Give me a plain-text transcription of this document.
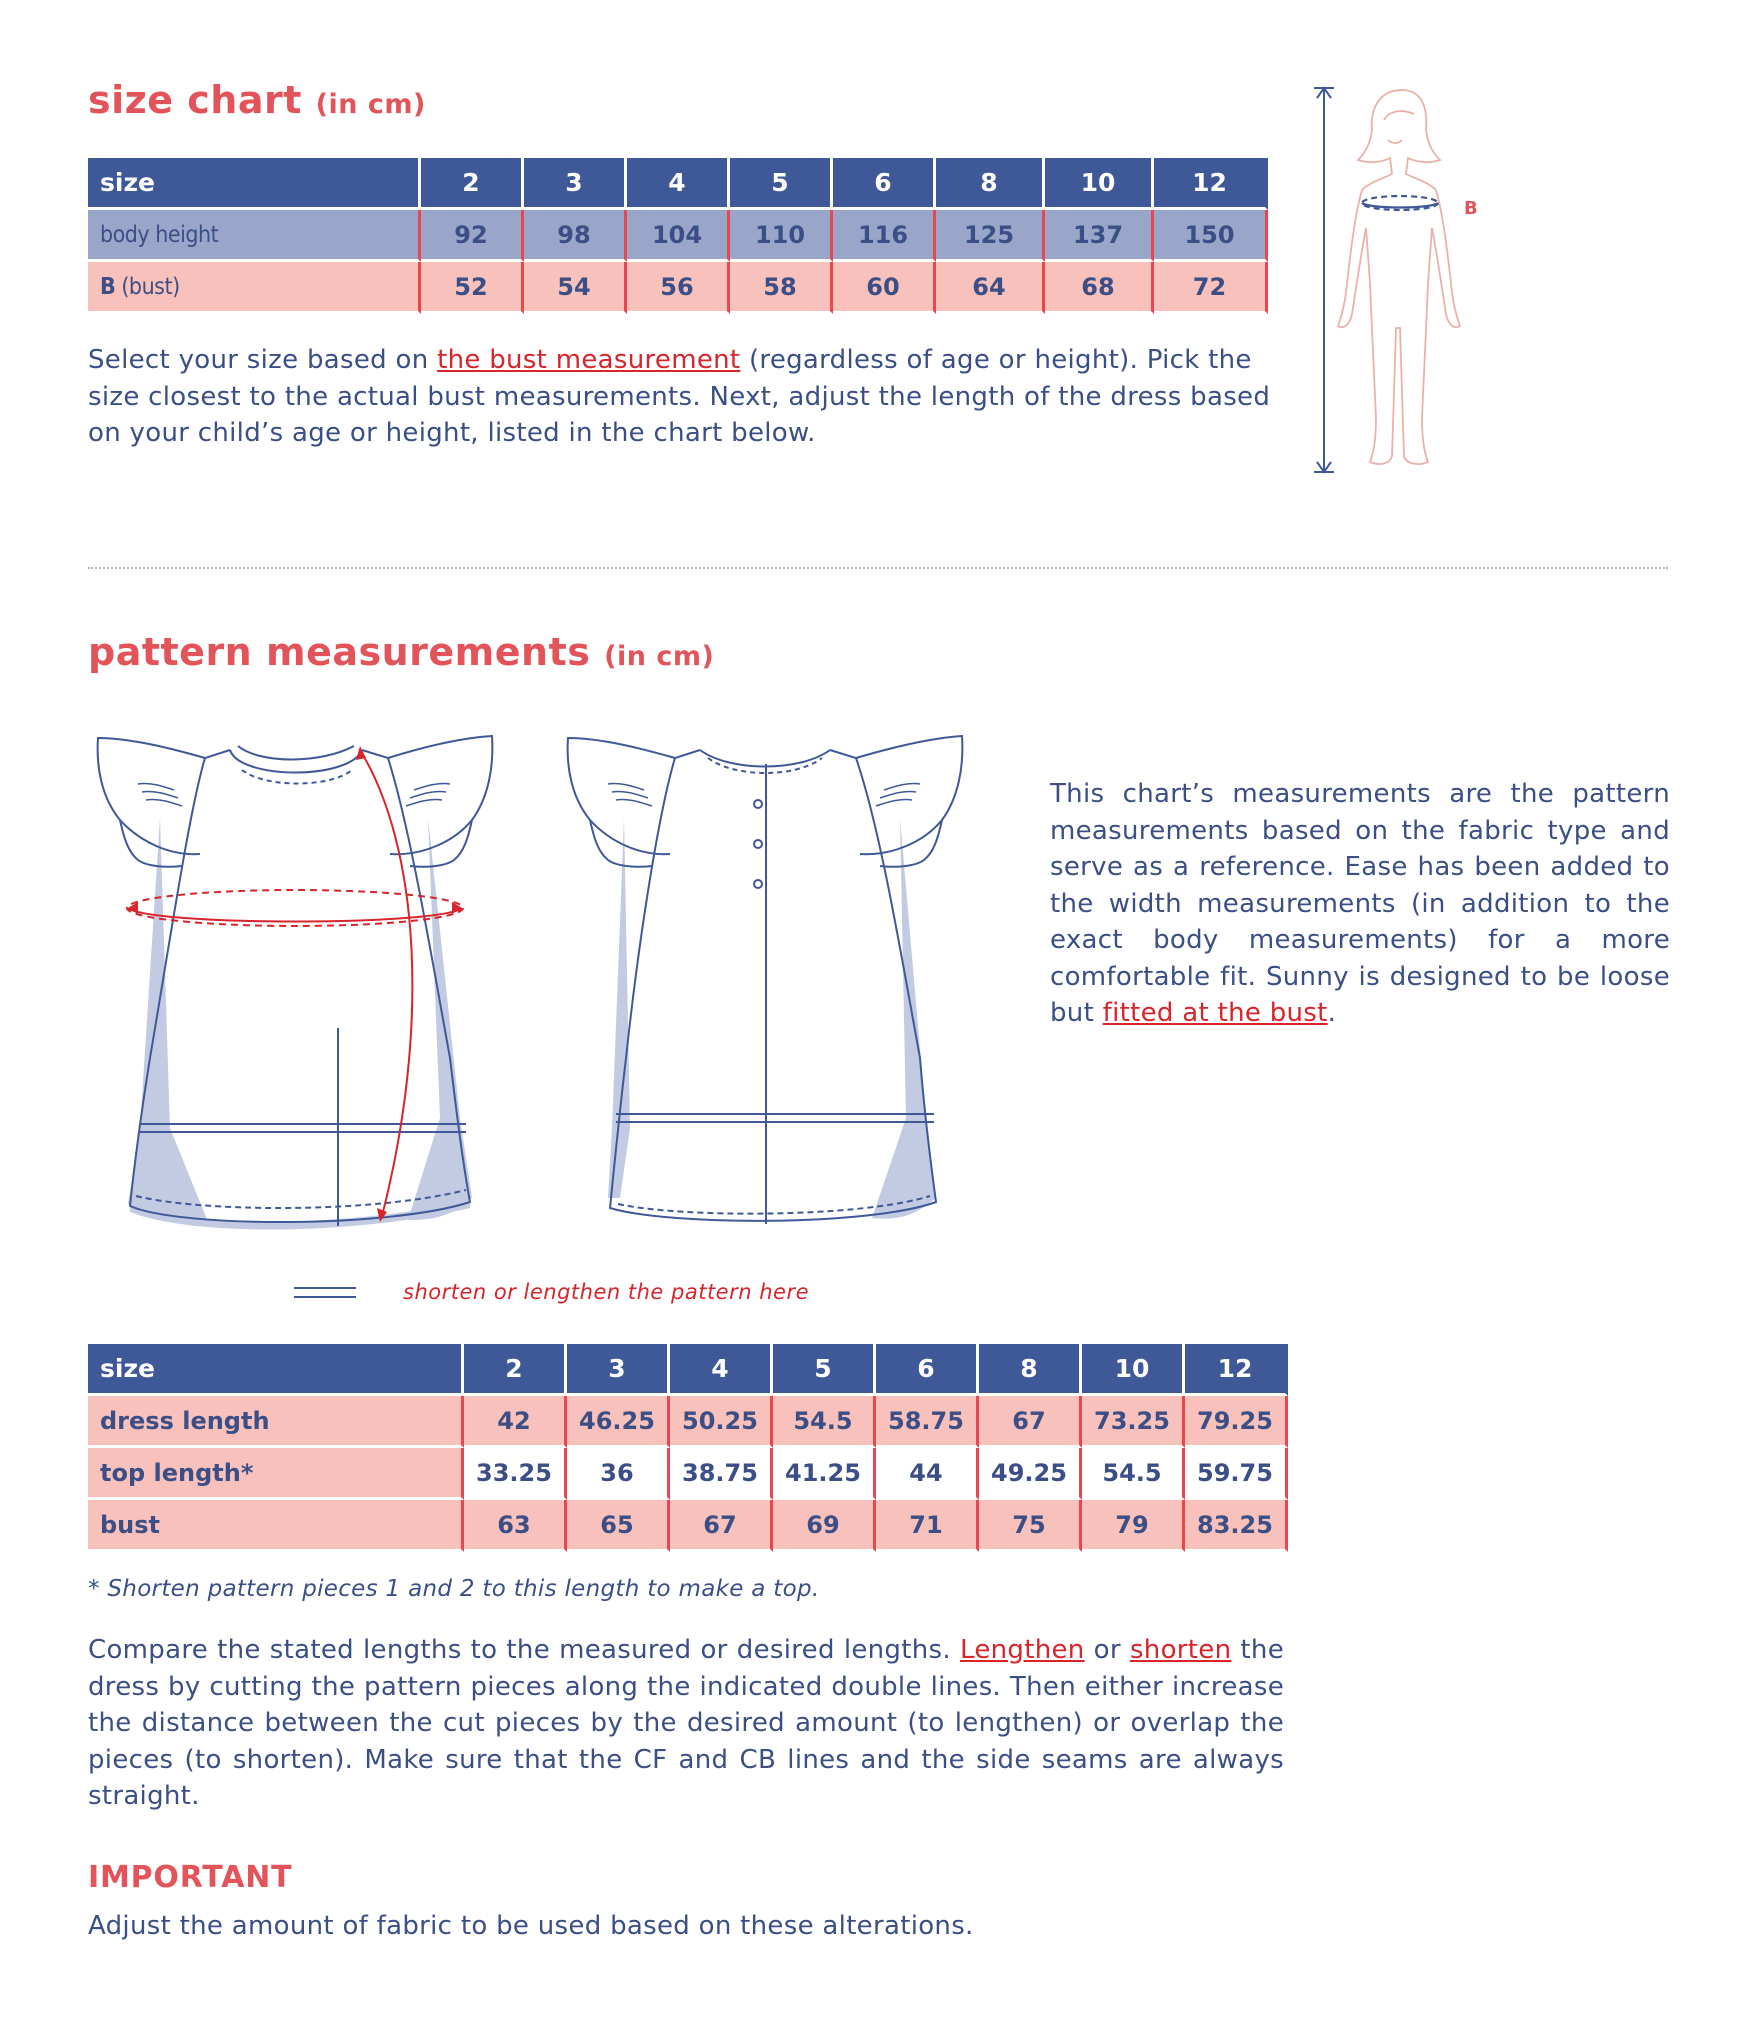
size chart (in cm)
size	2	3	4	5	6	8	10	12
body height	92	98	104	110	116	125	137	150
B (bust)	52	54	56	58	60	64	68	72
Select your size based on the bust measurement (regardless of age or height). Pick the size closest to the actual bust measurements. Next, adjust the length of the dress based on your child’s age or height, listed in the chart below.
B
pattern measurements (in cm)
shorten or lengthen the pattern here
This chart’s measurements are the pattern measurements based on the fabric type and serve as a reference. Ease has been added to the width measurements (in addition to the exact body measurements) for a more comfortable fit. Sunny is designed to be loose but fitted at the bust.
size	2	3	4	5	6	8	10	12
dress length	42	46.25	50.25	54.5	58.75	67	73.25	79.25
top length*	33.25	36	38.75	41.25	44	49.25	54.5	59.75
bust	63	65	67	69	71	75	79	83.25
* Shorten pattern pieces 1 and 2 to this length to make a top.
Compare the stated lengths to the measured or desired lengths. Lengthen or shorten the dress by cutting the pattern pieces along the indicated double lines. Then either increase the distance between the cut pieces by the desired amount (to lengthen) or overlap the pieces (to shorten). Make sure that the CF and CB lines and the side seams are always straight.
IMPORTANT
Adjust the amount of fabric to be used based on these alterations.
